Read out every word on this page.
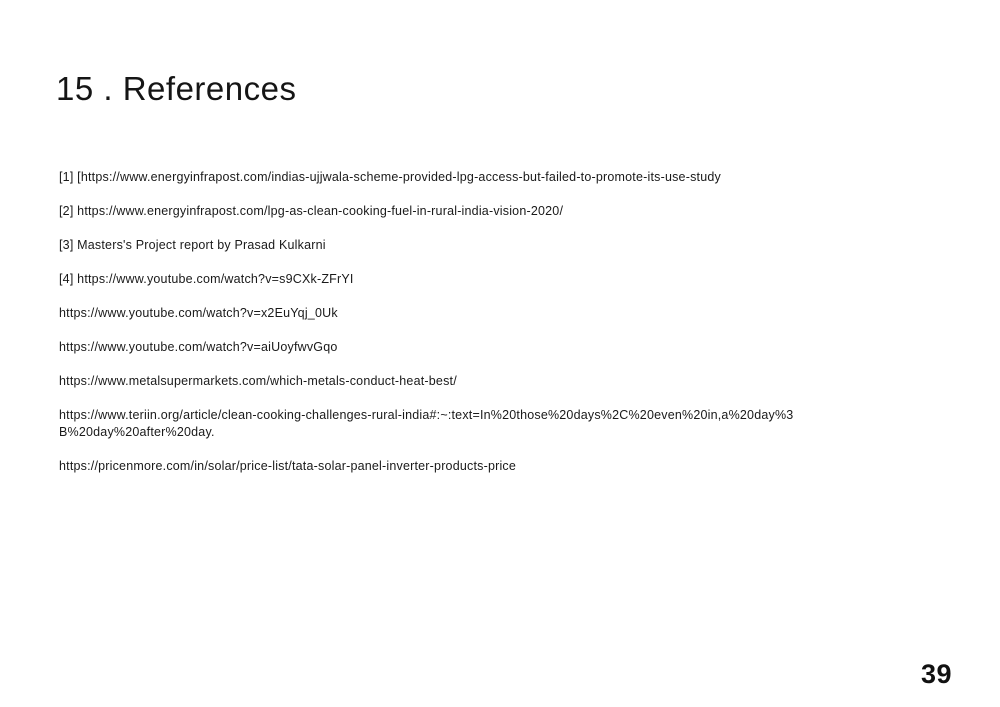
15 . References

[1] [https://www.energyinfrapost.com/indias-ujjwala-scheme-provided-lpg-access-but-failed-to-promote-its-use-study

[2] https://www.energyinfrapost.com/lpg-as-clean-cooking-fuel-in-rural-india-vision-2020/

[3] Masters's Project report by Prasad Kulkarni

[4] https://www.youtube.com/watch?v=s9CXk-ZFrYI

https://www.youtube.com/watch?v=x2EuYqj_0Uk

https://www.youtube.com/watch?v=aiUoyfwvGqo

https://www.metalsupermarkets.com/which-metals-conduct-heat-best/

https://www.teriin.org/article/clean-cooking-challenges-rural-india#:~:text=In%20those%20days%2C%20even%20in,a%20day%3B%20day%20after%20day.

https://pricenmore.com/in/solar/price-list/tata-solar-panel-inverter-products-price

39
